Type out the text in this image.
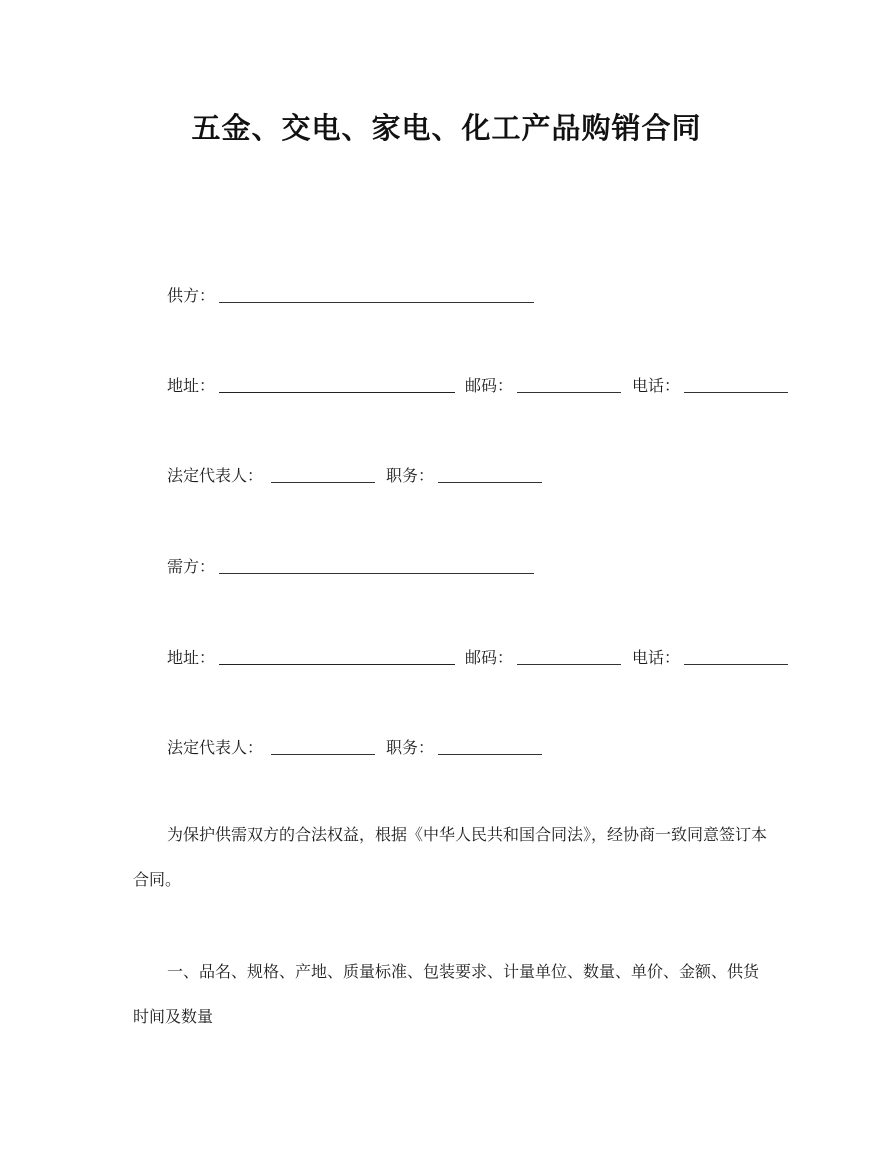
五金、交电、家电、化工产品购销合同
供方：
地址：	邮码：	电话：
法定代表人：	职务：
需方：
地址：	邮码：	电话：
法定代表人：	职务：

为保护供需双方的合法权益，根据《中华人民共和国合同法》，经协商一致同意签订本合同。

一、品名、规格、产地、质量标准、包装要求、计量单位、数量、单价、金额、供货时间及数量
